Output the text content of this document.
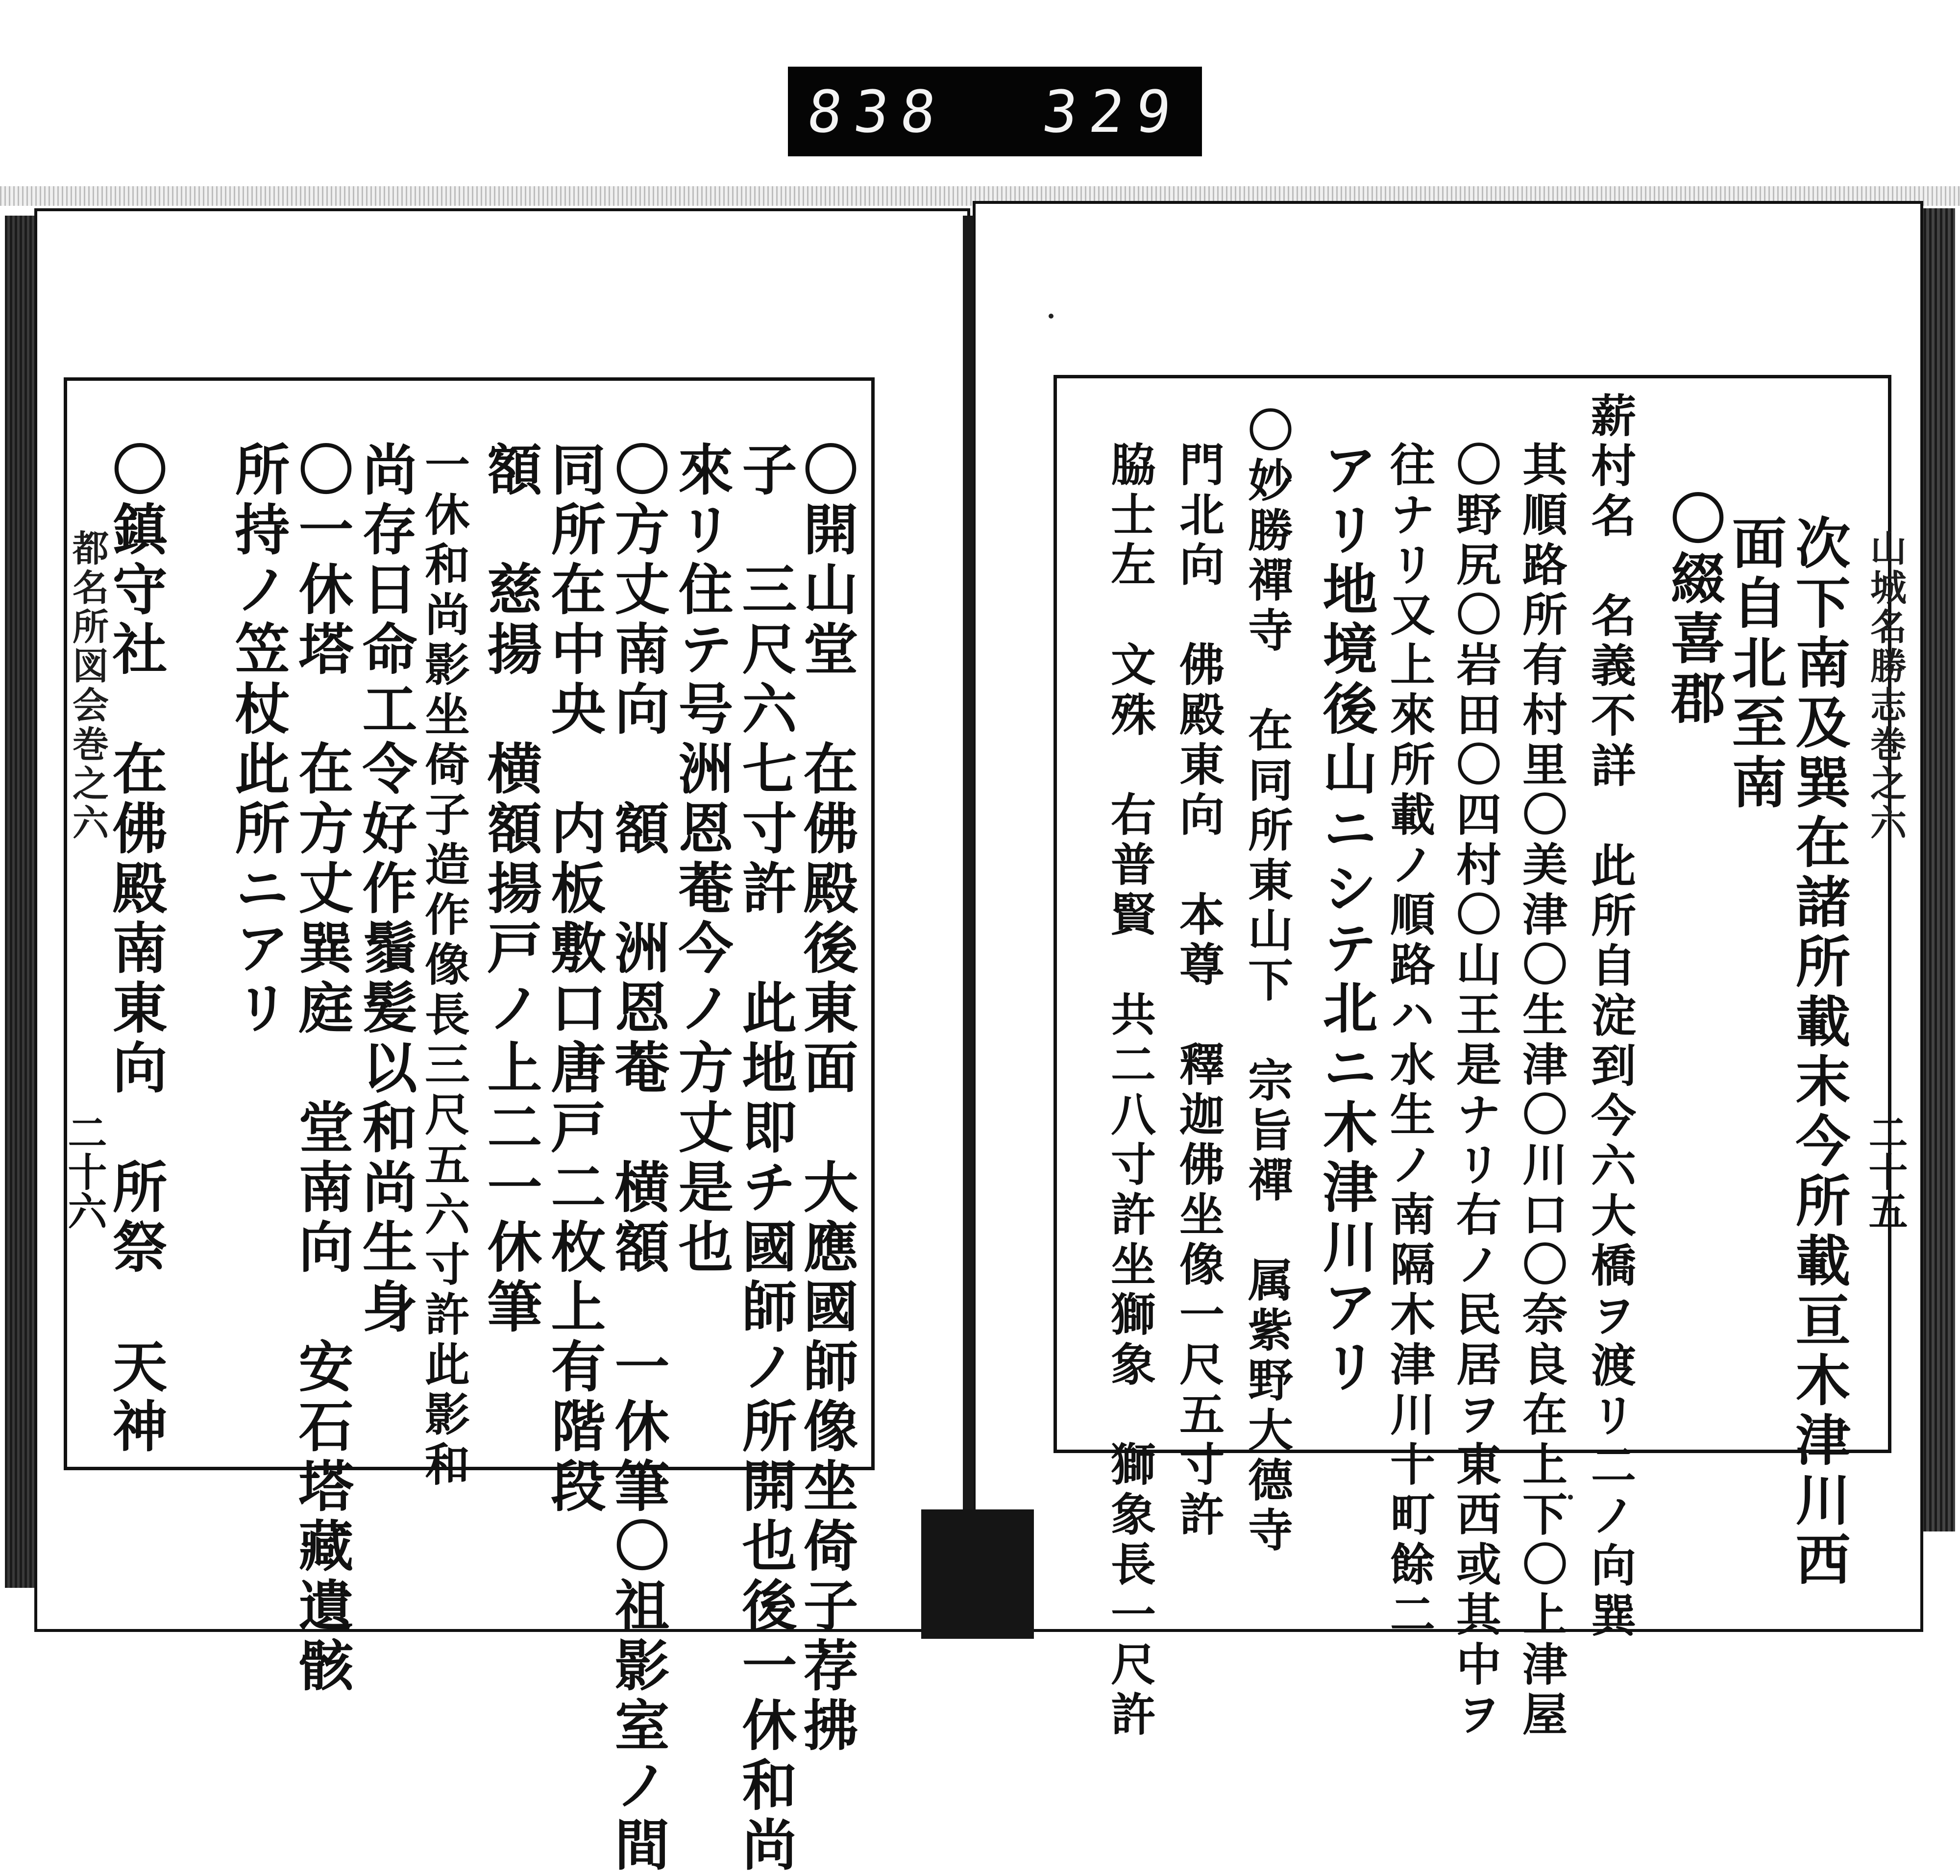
838 329
都名所図会巻之六
二十六
山城名勝志巻之六
二十五
〇開山堂　在佛殿後東面　大應國師像坐倚子荐拂
子　三尺六七寸許　此地即チ國師ノ所開也後一休和尚
來リ住テ号洲恩菴今ノ方丈是也
〇方丈南向　額　洲恩菴　横額　一休筆〇祖影室ノ間
同所在中央　内板敷口唐戸二枚上有階段
額　慈揚　横額揚戸ノ上二一休筆
一休和尚影坐倚子造作像長三尺五六寸許此影和
尚存日命工令好作鬚髪以和尚生身
〇一休塔　在方丈巽庭　堂南向　安石塔藏遺骸
所持ノ笠杖此所ニアリ
〇鎮守社　在佛殿南東向　所祭　天神	次下南及巽在諸所載末今所載亘木津川西
面自北至南
〇綴喜郡
薪村名　名義不詳　此所自淀到今六大橋ヲ渡リ二ノ向巽
其順路所有村里〇美津〇生津〇川口〇奈良在上下〇上津屋
〇野尻〇岩田〇四村〇山王是ナリ右ノ民居ヲ東西或其中ヲ
往ナリ又上來所載ノ順路ハ水生ノ南隔木津川十町餘二
アリ地境後山ニシテ北ニ木津川アリ
〇妙勝禪寺　在同所東山下　宗旨禪　属紫野大德寺
門北向　佛殿東向　本尊　釋迦佛坐像一尺五寸許
脇士左　文殊　右普賢　共二八寸許坐獅象　獅象長一尺許
